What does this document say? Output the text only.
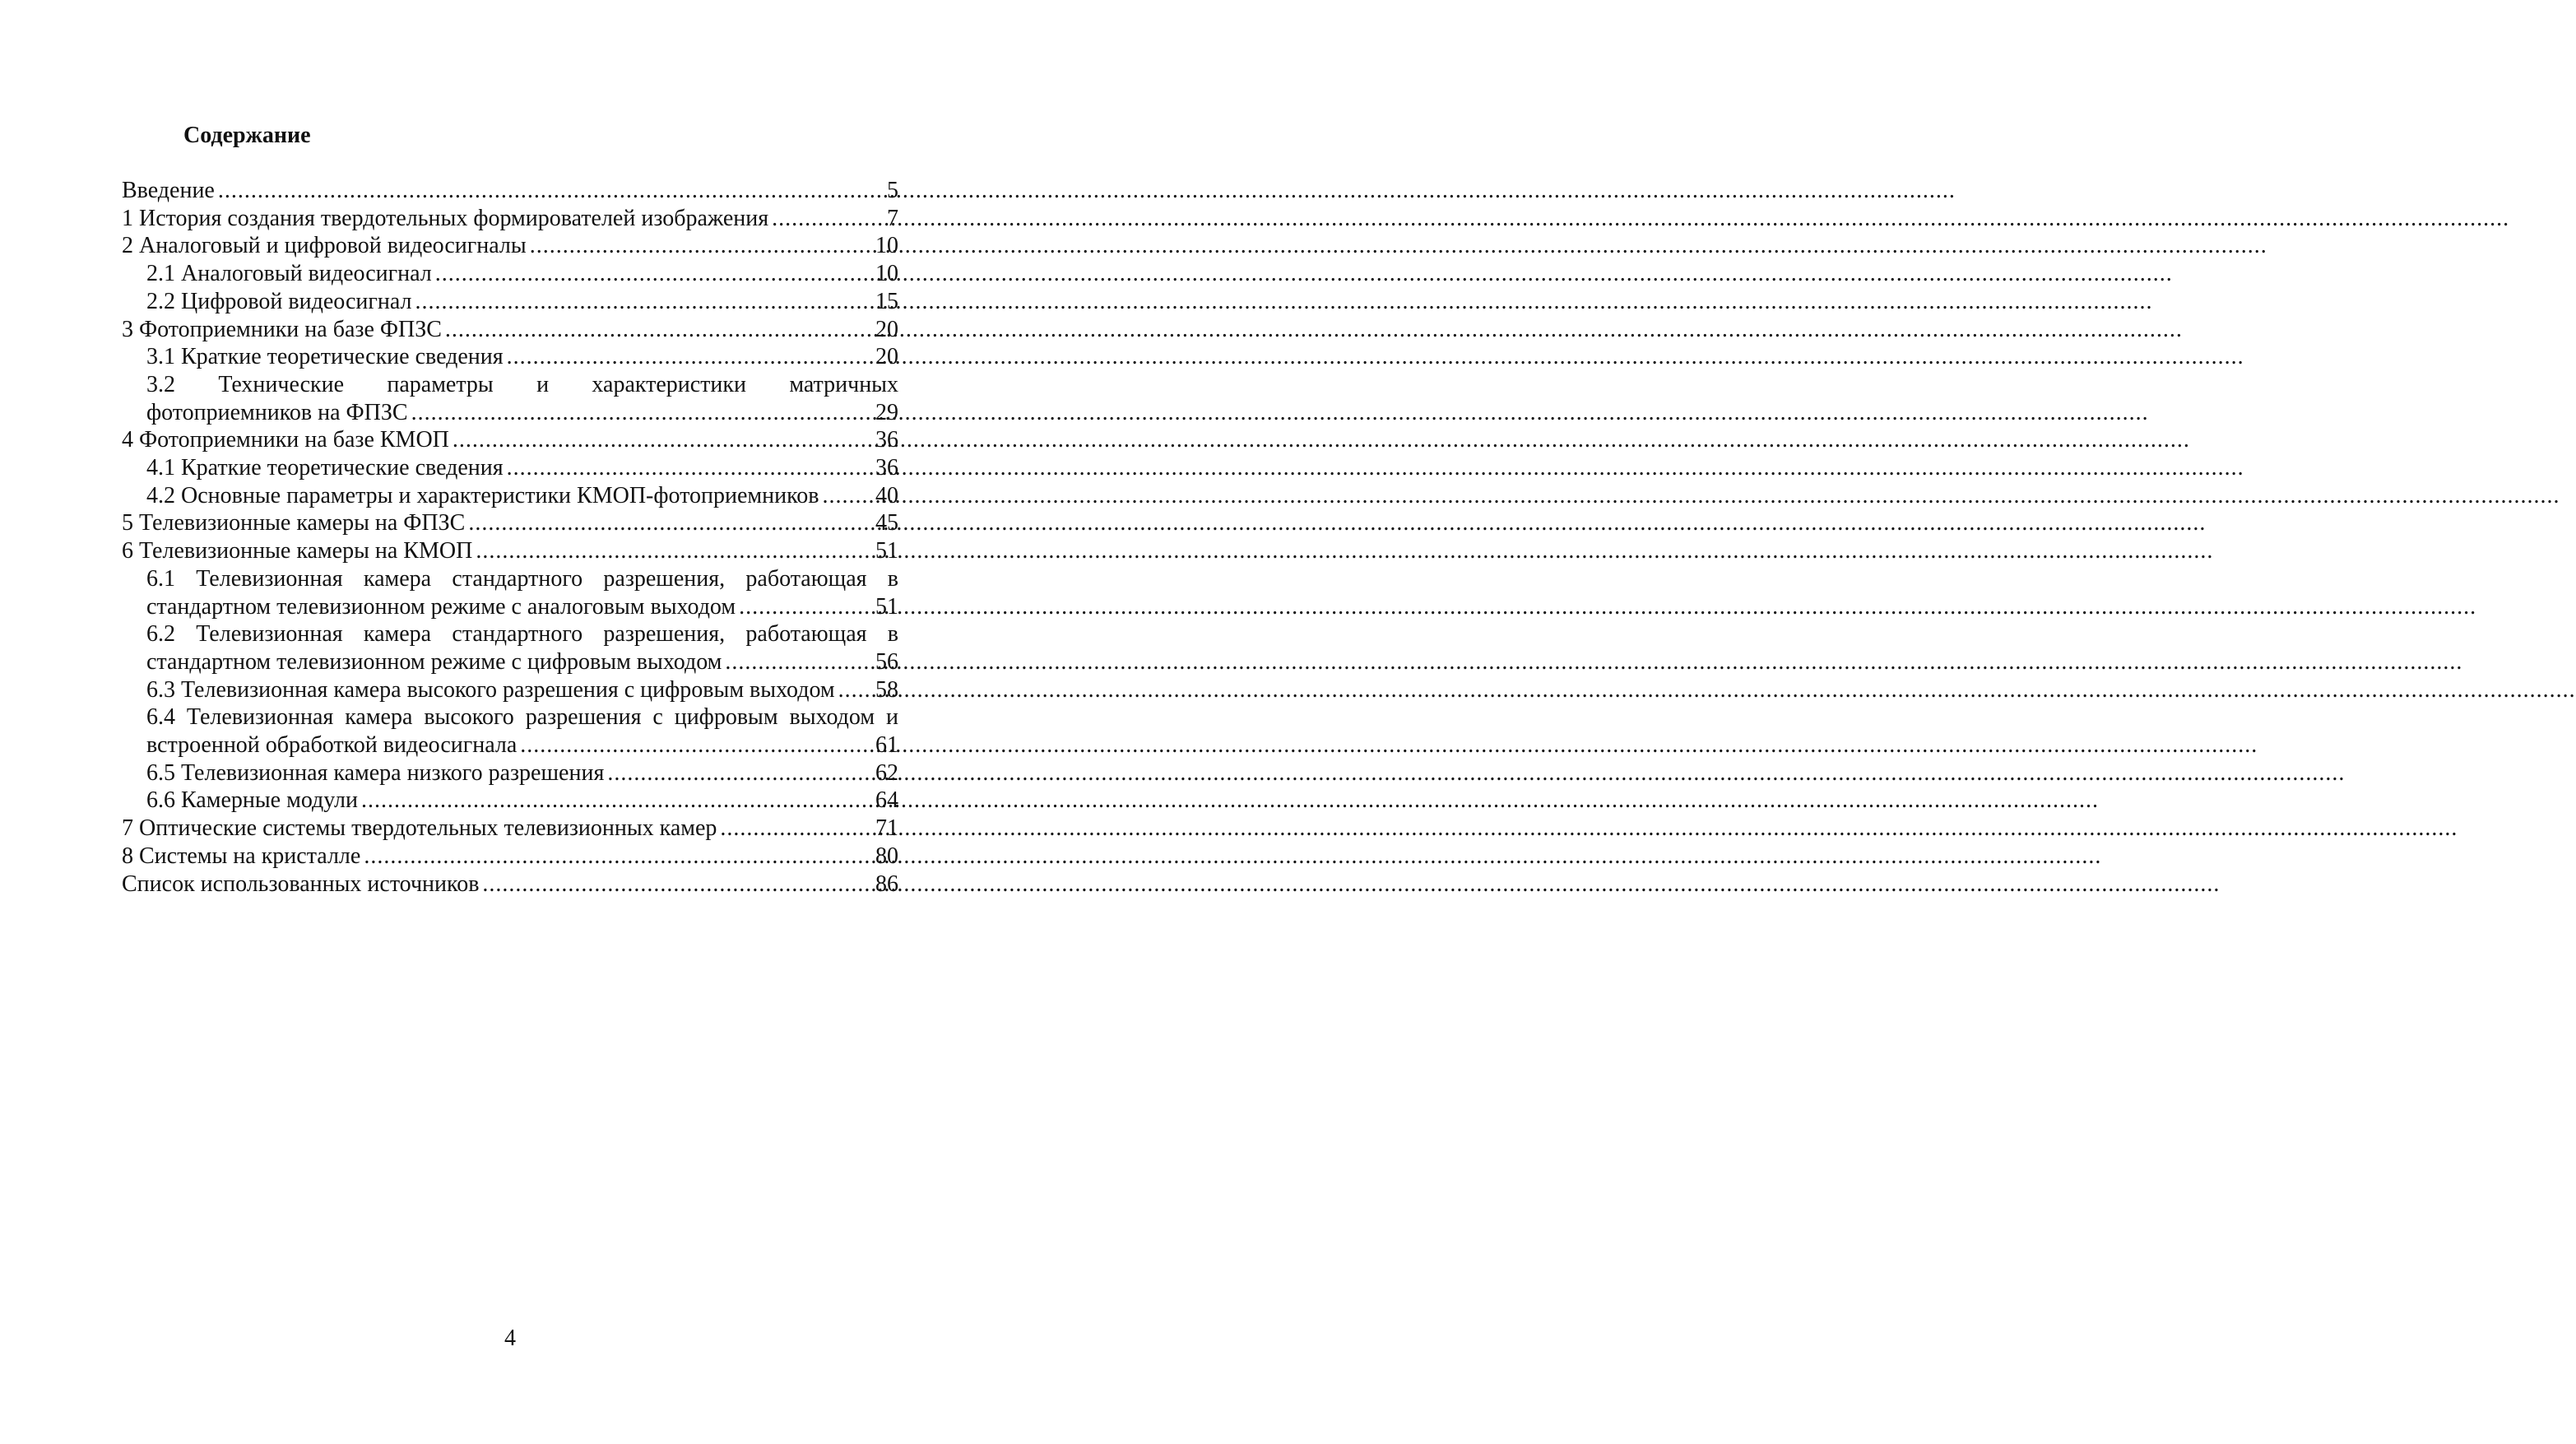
Содержание
Введение .....	5
1 История создания твердотельных формирователей изображения .....	7
2 Аналоговый и цифровой видеосигналы .....	10
2.1 Аналоговый видеосигнал .....	10
2.2 Цифровой видеосигнал .....	15
3 Фотоприемники на базе ФПЗС .....	20
3.1 Краткие теоретические сведения .....	20
3.2 Технические параметры и характеристики матричных
фотоприемников на ФПЗС .....	29
4 Фотоприемники на базе КМОП .....	36
4.1 Краткие теоретические сведения .....	36
4.2 Основные параметры и характеристики КМОП-фотоприемников ..... 40
5 Телевизионные камеры на ФПЗС .....	45
6 Телевизионные камеры на КМОП .....	51
6.1 Телевизионная камера стандартного разрешения, работающая в
стандартном телевизионном режиме с аналоговым выходом .....	51
6.2 Телевизионная камера стандартного разрешения, работающая в
стандартном телевизионном режиме с цифровым выходом .....	56
6.3 Телевизионная камера высокого разрешения с цифровым выходом ..... 58
6.4 Телевизионная камера высокого разрешения с цифровым выходом и
встроенной обработкой видеосигнала .....	61
6.5 Телевизионная камера низкого разрешения .....	62
6.6 Камерные модули .....	64
7 Оптические системы твердотельных телевизионных камер .....	71
8 Системы на кристалле .....	80
Список использованных источников .....	86
4
